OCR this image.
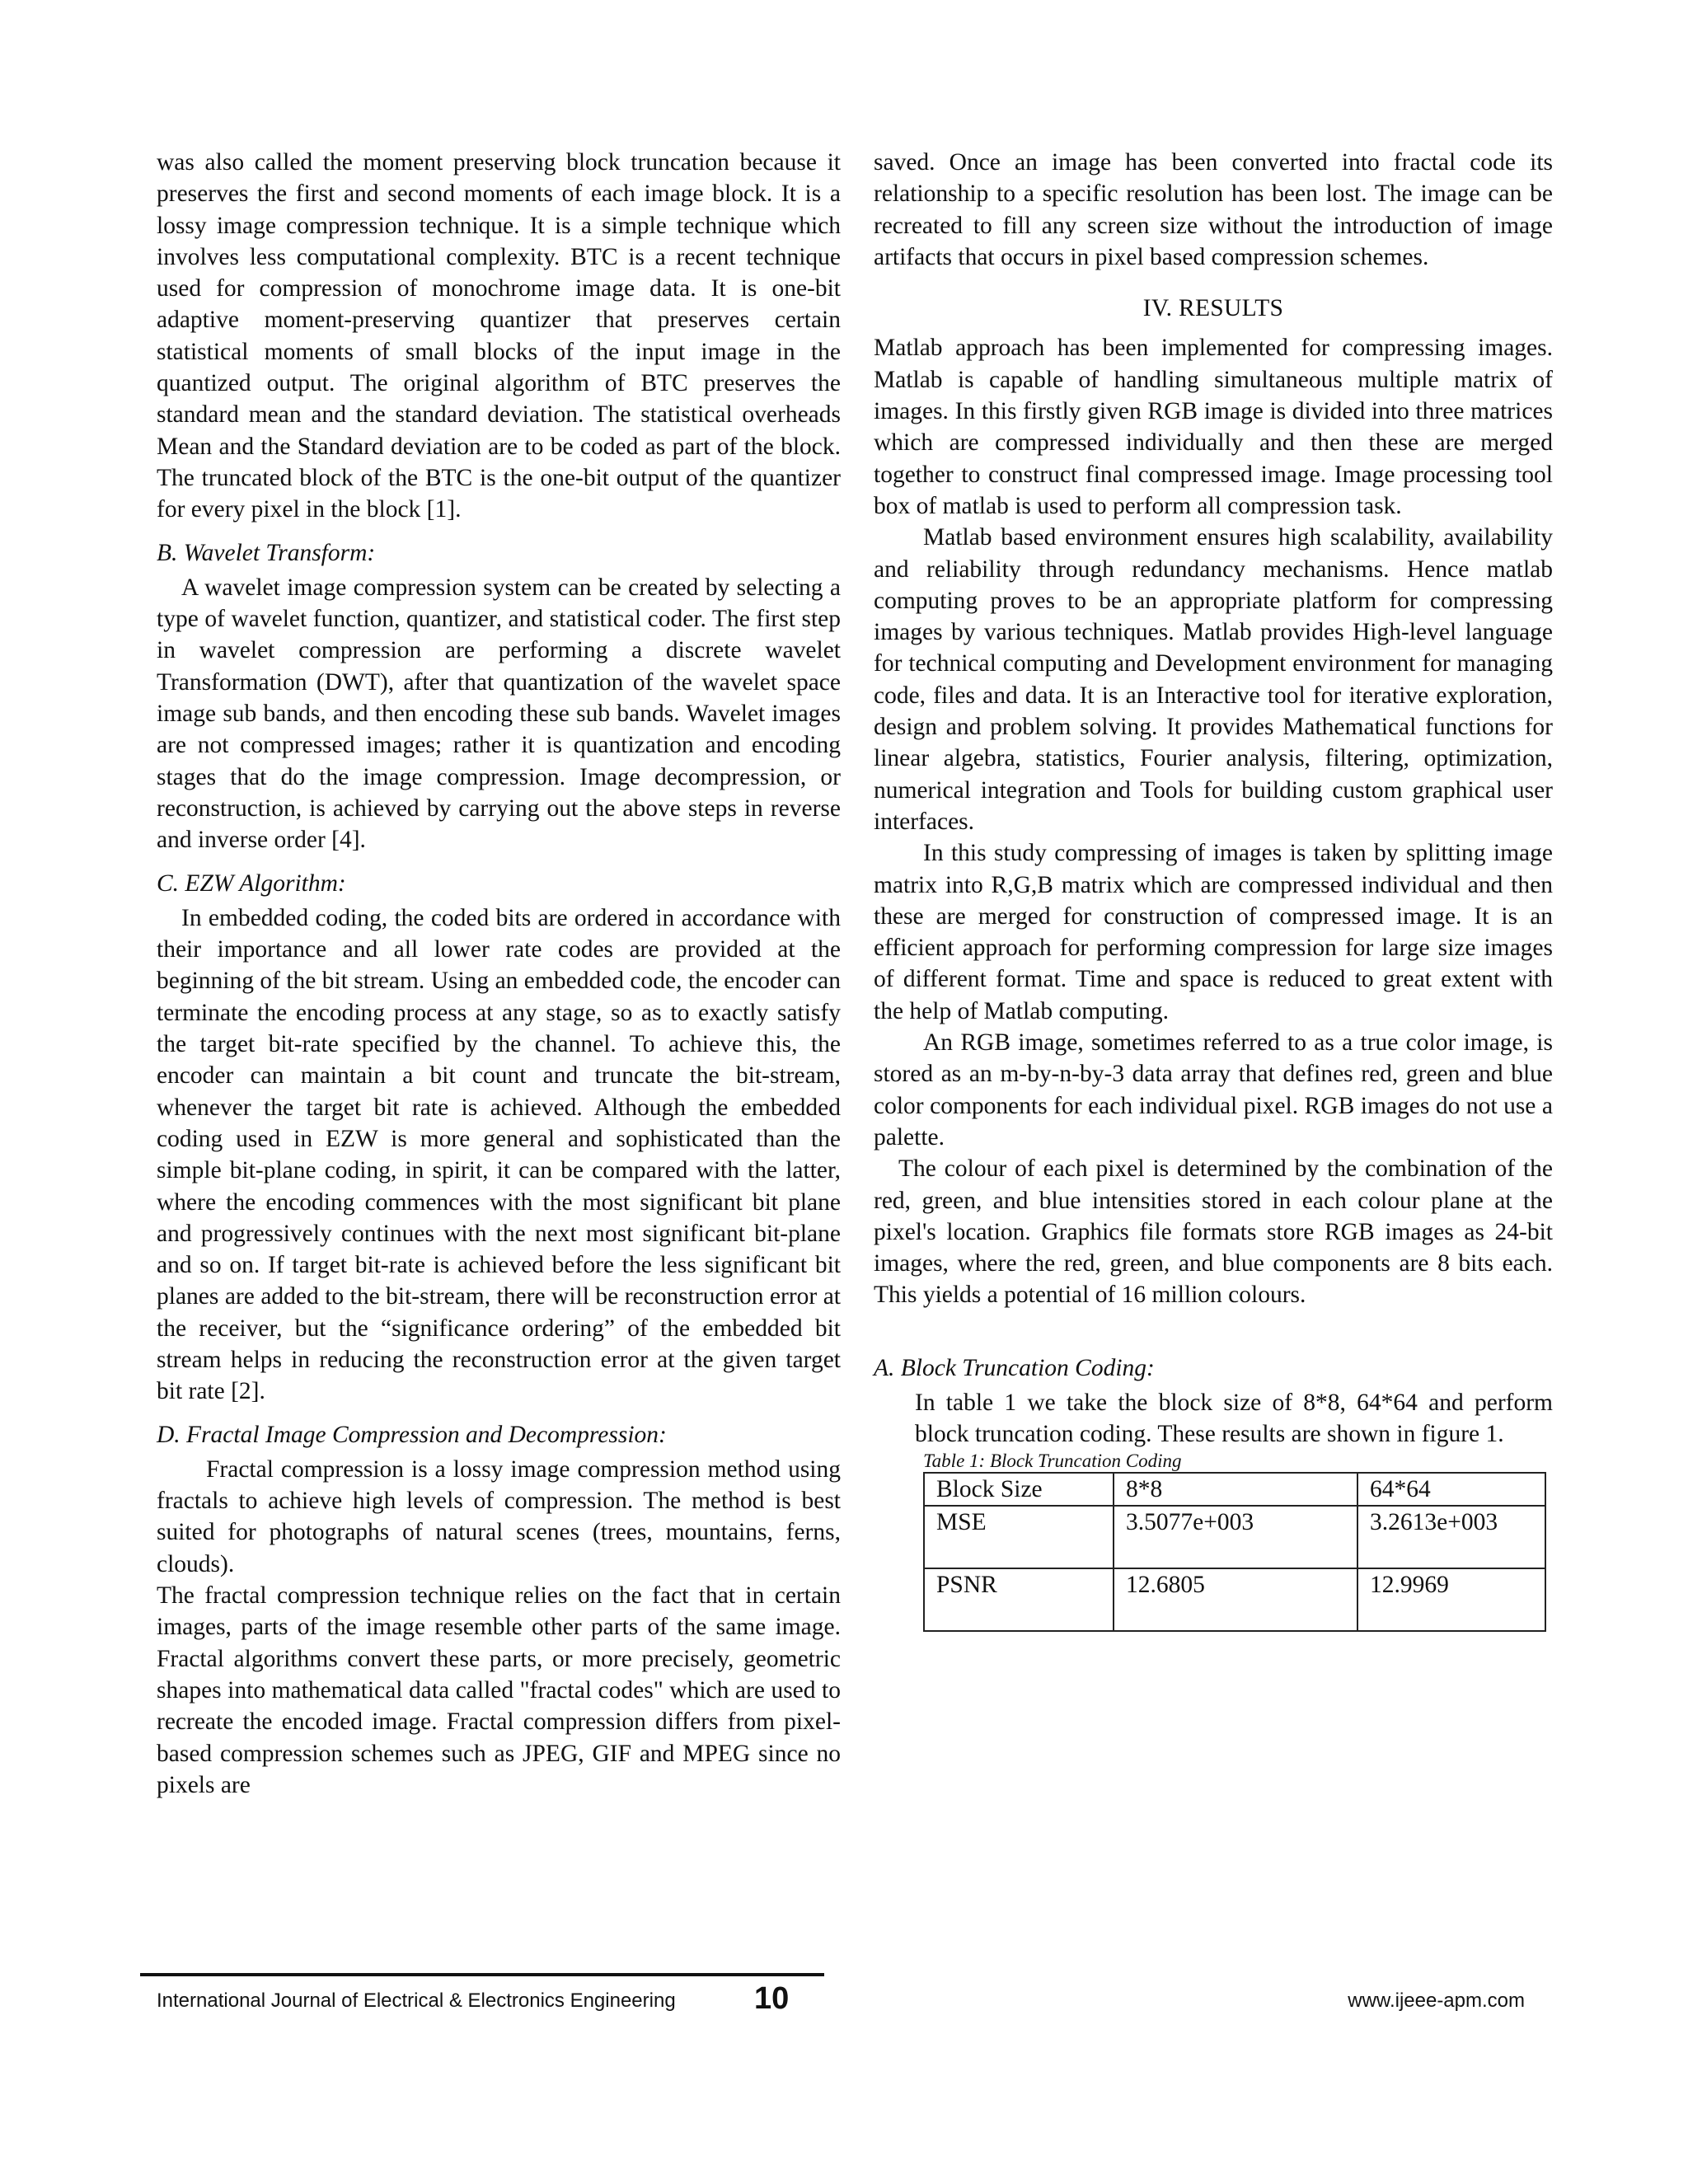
was also called the moment preserving block truncation because it preserves the first and second moments of each image block. It is a lossy image compression technique. It is a simple technique which involves less computational complexity. BTC is a recent technique used for compression of monochrome image data. It is one-bit adaptive moment-preserving quantizer that preserves certain statistical moments of small blocks of the input image in the quantized output. The original algorithm of BTC preserves the standard mean and the standard deviation. The statistical overheads Mean and the Standard deviation are to be coded as part of the block. The truncated block of the BTC is the one-bit output of the quantizer for every pixel in the block [1].

B. Wavelet Transform:

A wavelet image compression system can be created by selecting a type of wavelet function, quantizer, and statistical coder. The first step in wavelet compression are performing a discrete wavelet Transformation (DWT), after that quantization of the wavelet space image sub bands, and then encoding these sub bands. Wavelet images are not compressed images; rather it is quantization and encoding stages that do the image compression. Image decompression, or reconstruction, is achieved by carrying out the above steps in reverse and inverse order [4].

C. EZW Algorithm:

In embedded coding, the coded bits are ordered in accordance with their importance and all lower rate codes are provided at the beginning of the bit stream. Using an embedded code, the encoder can terminate the encoding process at any stage, so as to exactly satisfy the target bit-rate specified by the channel. To achieve this, the encoder can maintain a bit count and truncate the bit-stream, whenever the target bit rate is achieved. Although the embedded coding used in EZW is more general and sophisticated than the simple bit-plane coding, in spirit, it can be compared with the latter, where the encoding commences with the most significant bit plane and progressively continues with the next most significant bit-plane and so on. If target bit-rate is achieved before the less significant bit planes are added to the bit-stream, there will be reconstruction error at the receiver, but the “significance ordering” of the embedded bit stream helps in reducing the reconstruction error at the given target bit rate [2].

D. Fractal Image Compression and Decompression:

Fractal compression is a lossy image compression method using fractals to achieve high levels of compression. The method is best suited for photographs of natural scenes (trees, mountains, ferns, clouds).

The fractal compression technique relies on the fact that in certain images, parts of the image resemble other parts of the same image. Fractal algorithms convert these parts, or more precisely, geometric shapes into mathematical data called "fractal codes" which are used to recreate the encoded image. Fractal compression differs from pixel-based compression schemes such as JPEG, GIF and MPEG since no pixels are

saved. Once an image has been converted into fractal code its relationship to a specific resolution has been lost. The image can be recreated to fill any screen size without the introduction of image artifacts that occurs in pixel based compression schemes.

IV. RESULTS

Matlab approach has been implemented for compressing images. Matlab is capable of handling simultaneous multiple matrix of images. In this firstly given RGB image is divided into three matrices which are compressed individually and then these are merged together to construct final compressed image. Image processing tool box of matlab is used to perform all compression task.

Matlab based environment ensures high scalability, availability and reliability through redundancy mechanisms. Hence matlab computing proves to be an appropriate platform for compressing images by various techniques. Matlab provides High-level language for technical computing and Development environment for managing code, files and data. It is an Interactive tool for iterative exploration, design and problem solving. It provides Mathematical functions for linear algebra, statistics, Fourier analysis, filtering, optimization, numerical integration and Tools for building custom graphical user interfaces.

In this study compressing of images is taken by splitting image matrix into R,G,B matrix which are compressed individual and then these are merged for construction of compressed image. It is an efficient approach for performing compression for large size images of different format. Time and space is reduced to great extent with the help of Matlab computing.

An RGB image, sometimes referred to as a true color image, is stored as an m-by-n-by-3 data array that defines red, green and blue color components for each individual pixel. RGB images do not use a palette.

The colour of each pixel is determined by the combination of the red, green, and blue intensities stored in each colour plane at the pixel's location. Graphics file formats store RGB images as 24-bit images, where the red, green, and blue components are 8 bits each. This yields a potential of 16 million colours.

A. Block Truncation Coding:

In table 1 we take the block size of 8*8, 64*64 and perform block truncation coding. These results are shown in figure 1.

Table 1: Block Truncation Coding

Block Size	8*8	64*64
MSE	3.5077e+003	3.2613e+003
PSNR	12.6805	12.9969
International Journal of Electrical & Electronics Engineering	10	www.ijeee-apm.com
